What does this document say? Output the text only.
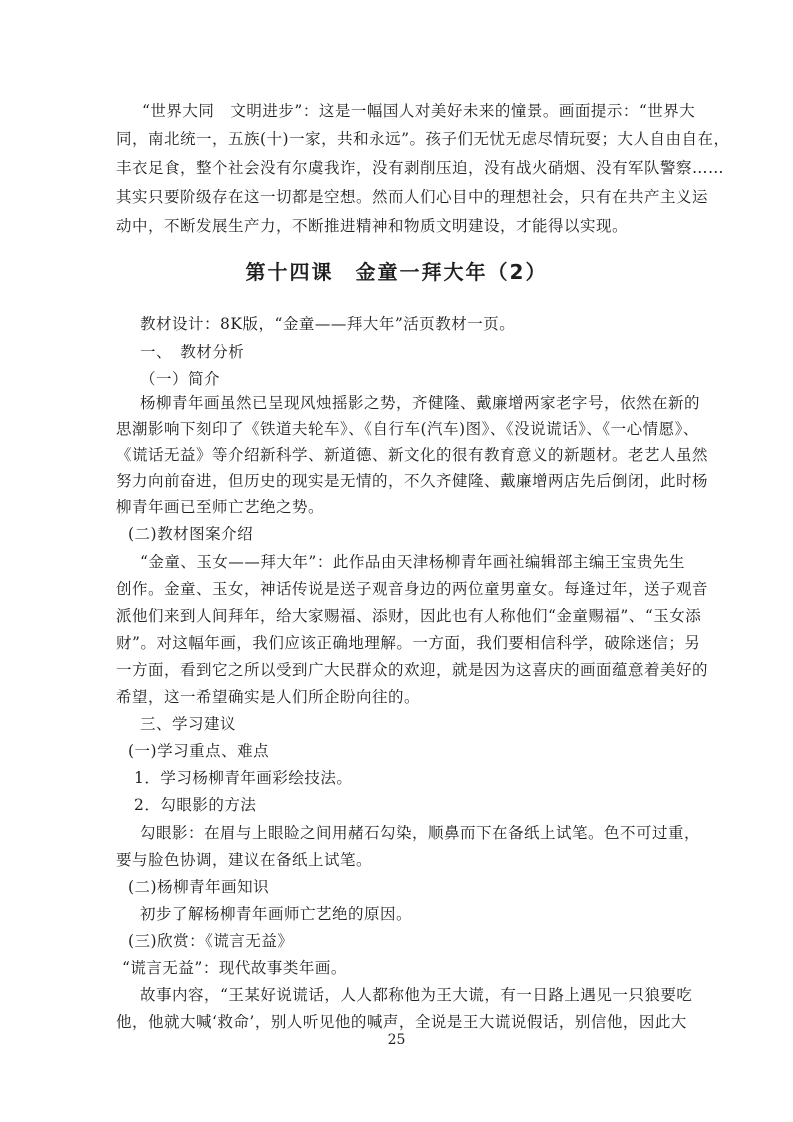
“世界大同　文明进步”：这是一幅国人对美好未来的憧景。画面提示：“世界大
同，南北统一，五族(十)一家，共和永远”。孩子们无忧无虑尽情玩耍；大人自由自在，
丰衣足食，整个社会没有尔虞我诈，没有剥削压迫，没有战火硝烟、没有军队警察……
其实只要阶级存在这一切都是空想。然而人们心目中的理想社会，只有在共产主义运
动中，不断发展生产力，不断推进精神和物质文明建设，才能得以实现。
第十四课　金童一拜大年（2）
教材设计：8K版，“金童——拜大年”活页教材一页。
一、　教材分析
（一）简介
杨柳青年画虽然已呈现风烛摇影之势，齐健隆、戴廉增两家老字号，依然在新的
思潮影响下刻印了《铁道夫轮车》、《自行车(汽车)图》、《没说谎话》、《一心情愿》、
《谎话无益》等介绍新科学、新道德、新文化的很有教育意义的新题材。老艺人虽然
努力向前奋进，但历史的现实是无情的，不久齐健隆、戴廉增两店先后倒闭，此时杨
柳青年画已至师亡艺绝之势。
(二)教材图案介绍
“金童、玉女——拜大年”：此作品由天津杨柳青年画社编辑部主编王宝贵先生
创作。金童、玉女，神话传说是送子观音身边的两位童男童女。每逢过年，送子观音
派他们来到人间拜年，给大家赐福、添财，因此也有人称他们“金童赐福”、“玉女添
财”。对这幅年画，我们应该正确地理解。一方面，我们要相信科学，破除迷信；另
一方面，看到它之所以受到广大民群众的欢迎，就是因为这喜庆的画面蕴意着美好的
希望，这一希望确实是人们所企盼向往的。
三、学习建议
(一)学习重点、难点
1．学习杨柳青年画彩绘技法。
2．勾眼影的方法
勾眼影：在眉与上眼睑之间用赭石勾染，顺鼻而下在备纸上试笔。色不可过重，
要与脸色协调，建议在备纸上试笔。
(二)杨柳青年画知识
初步了解杨柳青年画师亡艺绝的原因。
(三)欣赏：《谎言无益》
“谎言无益”：现代故事类年画。
故事内容，“王某好说谎话，人人都称他为王大谎，有一日路上遇见一只狼要吃
他，他就大喊‘救命’，别人听见他的喊声，全说是王大谎说假话，别信他，因此大
25
